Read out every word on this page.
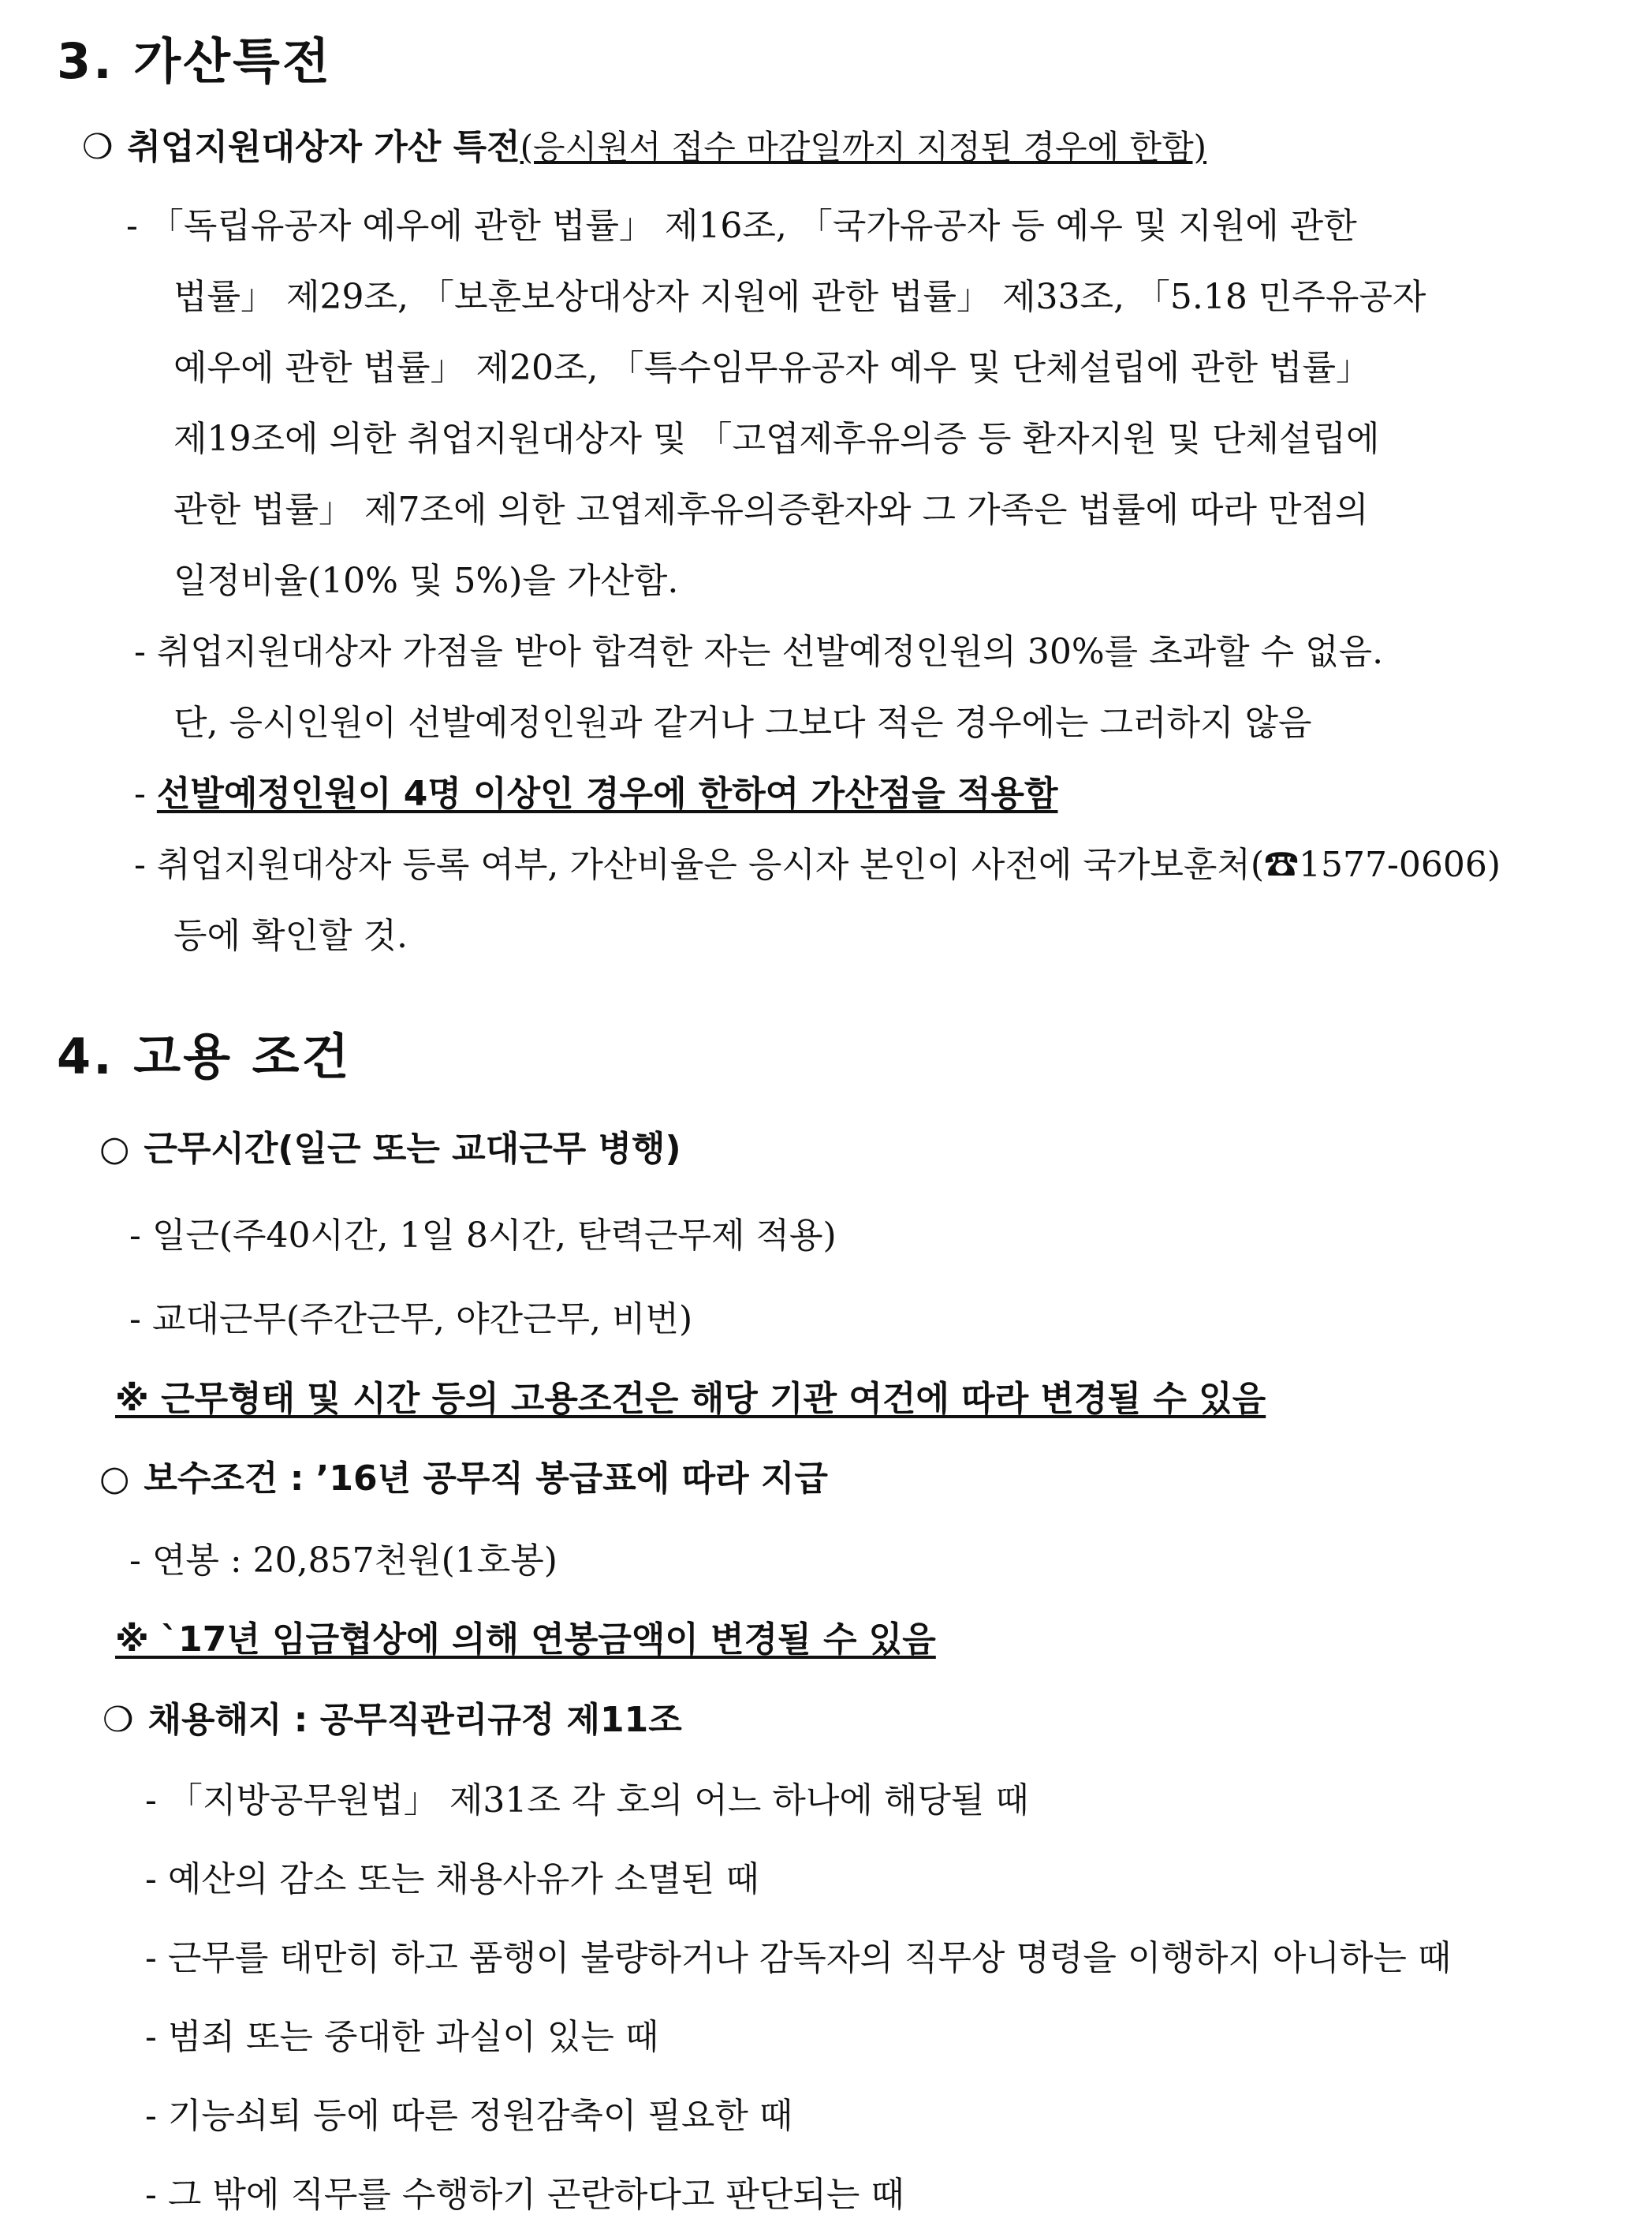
3. 가산특전
❍ 취업지원대상자 가산 특전(응시원서 접수 마감일까지 지정된 경우에 한함)
- 「독립유공자 예우에 관한 법률」 제16조, 「국가유공자 등 예우 및 지원에 관한
법률」 제29조, 「보훈보상대상자 지원에 관한 법률」 제33조, 「5.18 민주유공자
예우에 관한 법률」 제20조, 「특수임무유공자 예우 및 단체설립에 관한 법률」
제19조에 의한 취업지원대상자 및 「고엽제후유의증 등 환자지원 및 단체설립에
관한 법률」 제7조에 의한 고엽제후유의증환자와 그 가족은 법률에 따라 만점의
일정비율(10% 및 5%)을 가산함.
- 취업지원대상자 가점을 받아 합격한 자는 선발예정인원의 30%를 초과할 수 없음.
단, 응시인원이 선발예정인원과 같거나 그보다 적은 경우에는 그러하지 않음
- 선발예정인원이 4명 이상인 경우에 한하여 가산점을 적용함
- 취업지원대상자 등록 여부, 가산비율은 응시자 본인이 사전에 국가보훈처(☎1577-0606)
등에 확인할 것.
4. 고용 조건
○ 근무시간(일근 또는 교대근무 병행)
- 일근(주40시간, 1일 8시간, 탄력근무제 적용)
- 교대근무(주간근무, 야간근무, 비번)
※ 근무형태 및 시간 등의 고용조건은 해당 기관 여건에 따라 변경될 수 있음
○ 보수조건 : ’16년 공무직 봉급표에 따라 지급
- 연봉 : 20,857천원(1호봉)
※ `17년 임금협상에 의해 연봉금액이 변경될 수 있음
❍ 채용해지 : 공무직관리규정 제11조
- 「지방공무원법」 제31조 각 호의 어느 하나에 해당될 때
- 예산의 감소 또는 채용사유가 소멸된 때
- 근무를 태만히 하고 품행이 불량하거나 감독자의 직무상 명령을 이행하지 아니하는 때
- 범죄 또는 중대한 과실이 있는 때
- 기능쇠퇴 등에 따른 정원감축이 필요한 때
- 그 밖에 직무를 수행하기 곤란하다고 판단되는 때
